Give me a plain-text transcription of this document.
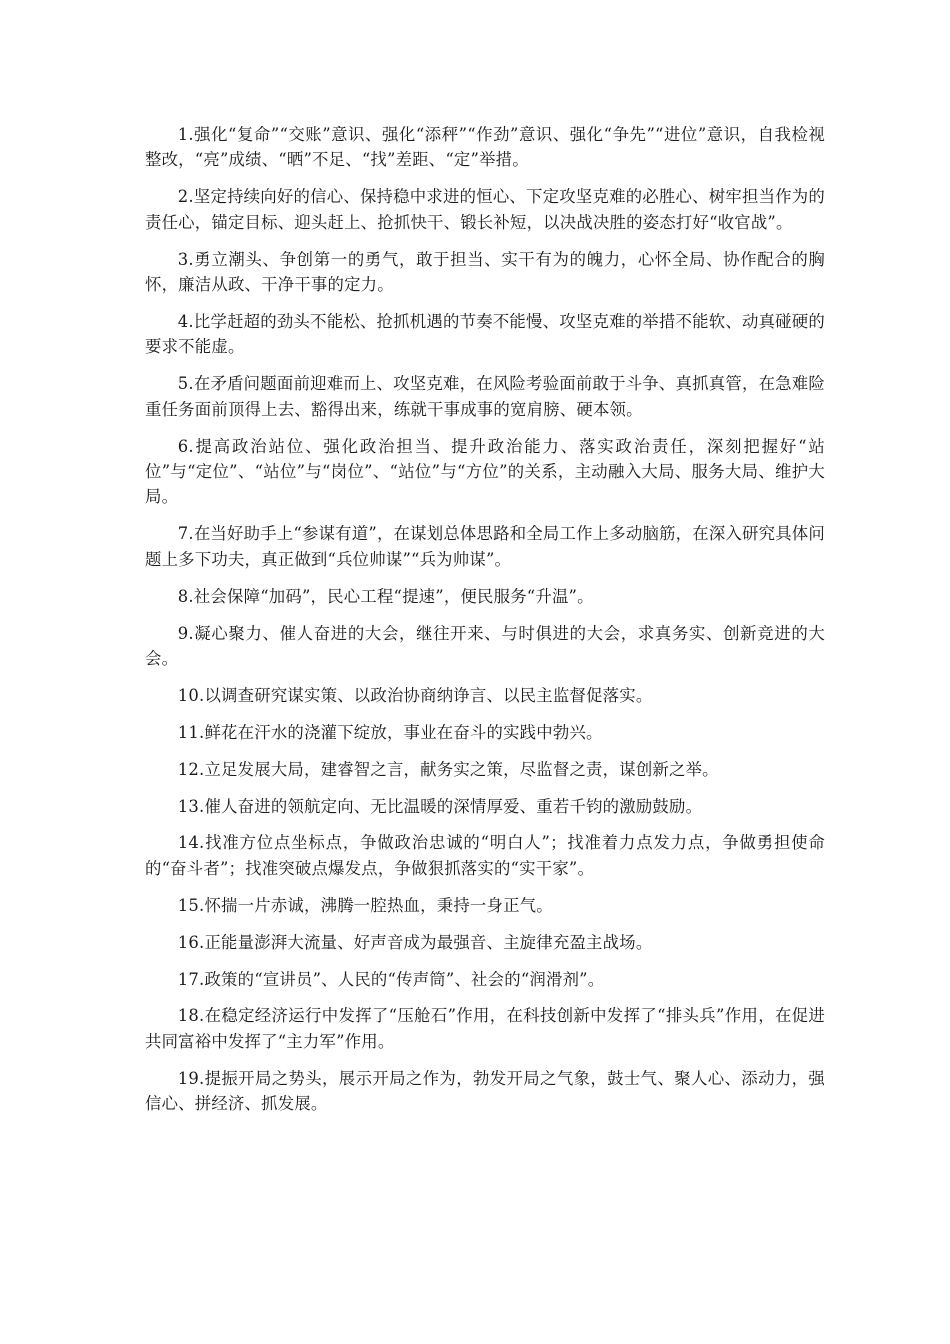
1.强化“复命”“交账”意识、强化“添秤”“作劲”意识、强化“争先”“进位”意识，自我检视整改，“亮”成绩、“晒”不足、“找”差距、“定”举措。

2.坚定持续向好的信心、保持稳中求进的恒心、下定攻坚克难的必胜心、树牢担当作为的责任心，锚定目标、迎头赶上、抢抓快干、锻长补短，以决战决胜的姿态打好“收官战”。

3.勇立潮头、争创第一的勇气，敢于担当、实干有为的魄力，心怀全局、协作配合的胸怀，廉洁从政、干净干事的定力。

4.比学赶超的劲头不能松、抢抓机遇的节奏不能慢、攻坚克难的举措不能软、动真碰硬的要求不能虚。

5.在矛盾问题面前迎难而上、攻坚克难，在风险考验面前敢于斗争、真抓真管，在急难险重任务面前顶得上去、豁得出来，练就干事成事的宽肩膀、硬本领。

6.提高政治站位、强化政治担当、提升政治能力、落实政治责任，深刻把握好“站位”与“定位”、“站位”与“岗位”、“站位”与“方位”的关系，主动融入大局、服务大局、维护大局。

7.在当好助手上“参谋有道”，在谋划总体思路和全局工作上多动脑筋，在深入研究具体问题上多下功夫，真正做到“兵位帅谋”“兵为帅谋”。

8.社会保障“加码”，民心工程“提速”，便民服务“升温”。

9.凝心聚力、催人奋进的大会，继往开来、与时俱进的大会，求真务实、创新竞进的大会。

10.以调查研究谋实策、以政治协商纳诤言、以民主监督促落实。

11.鲜花在汗水的浇灌下绽放，事业在奋斗的实践中勃兴。

12.立足发展大局，建睿智之言，献务实之策，尽监督之责，谋创新之举。

13.催人奋进的领航定向、无比温暖的深情厚爱、重若千钧的激励鼓励。

14.找准方位点坐标点，争做政治忠诚的“明白人”；找准着力点发力点，争做勇担使命的“奋斗者”；找准突破点爆发点，争做狠抓落实的“实干家”。

15.怀揣一片赤诚，沸腾一腔热血，秉持一身正气。

16.正能量澎湃大流量、好声音成为最强音、主旋律充盈主战场。

17.政策的“宣讲员”、人民的“传声筒”、社会的“润滑剂”。

18.在稳定经济运行中发挥了“压舱石”作用，在科技创新中发挥了“排头兵”作用，在促进共同富裕中发挥了“主力军”作用。

19.提振开局之势头，展示开局之作为，勃发开局之气象，鼓士气、聚人心、添动力，强信心、拼经济、抓发展。
